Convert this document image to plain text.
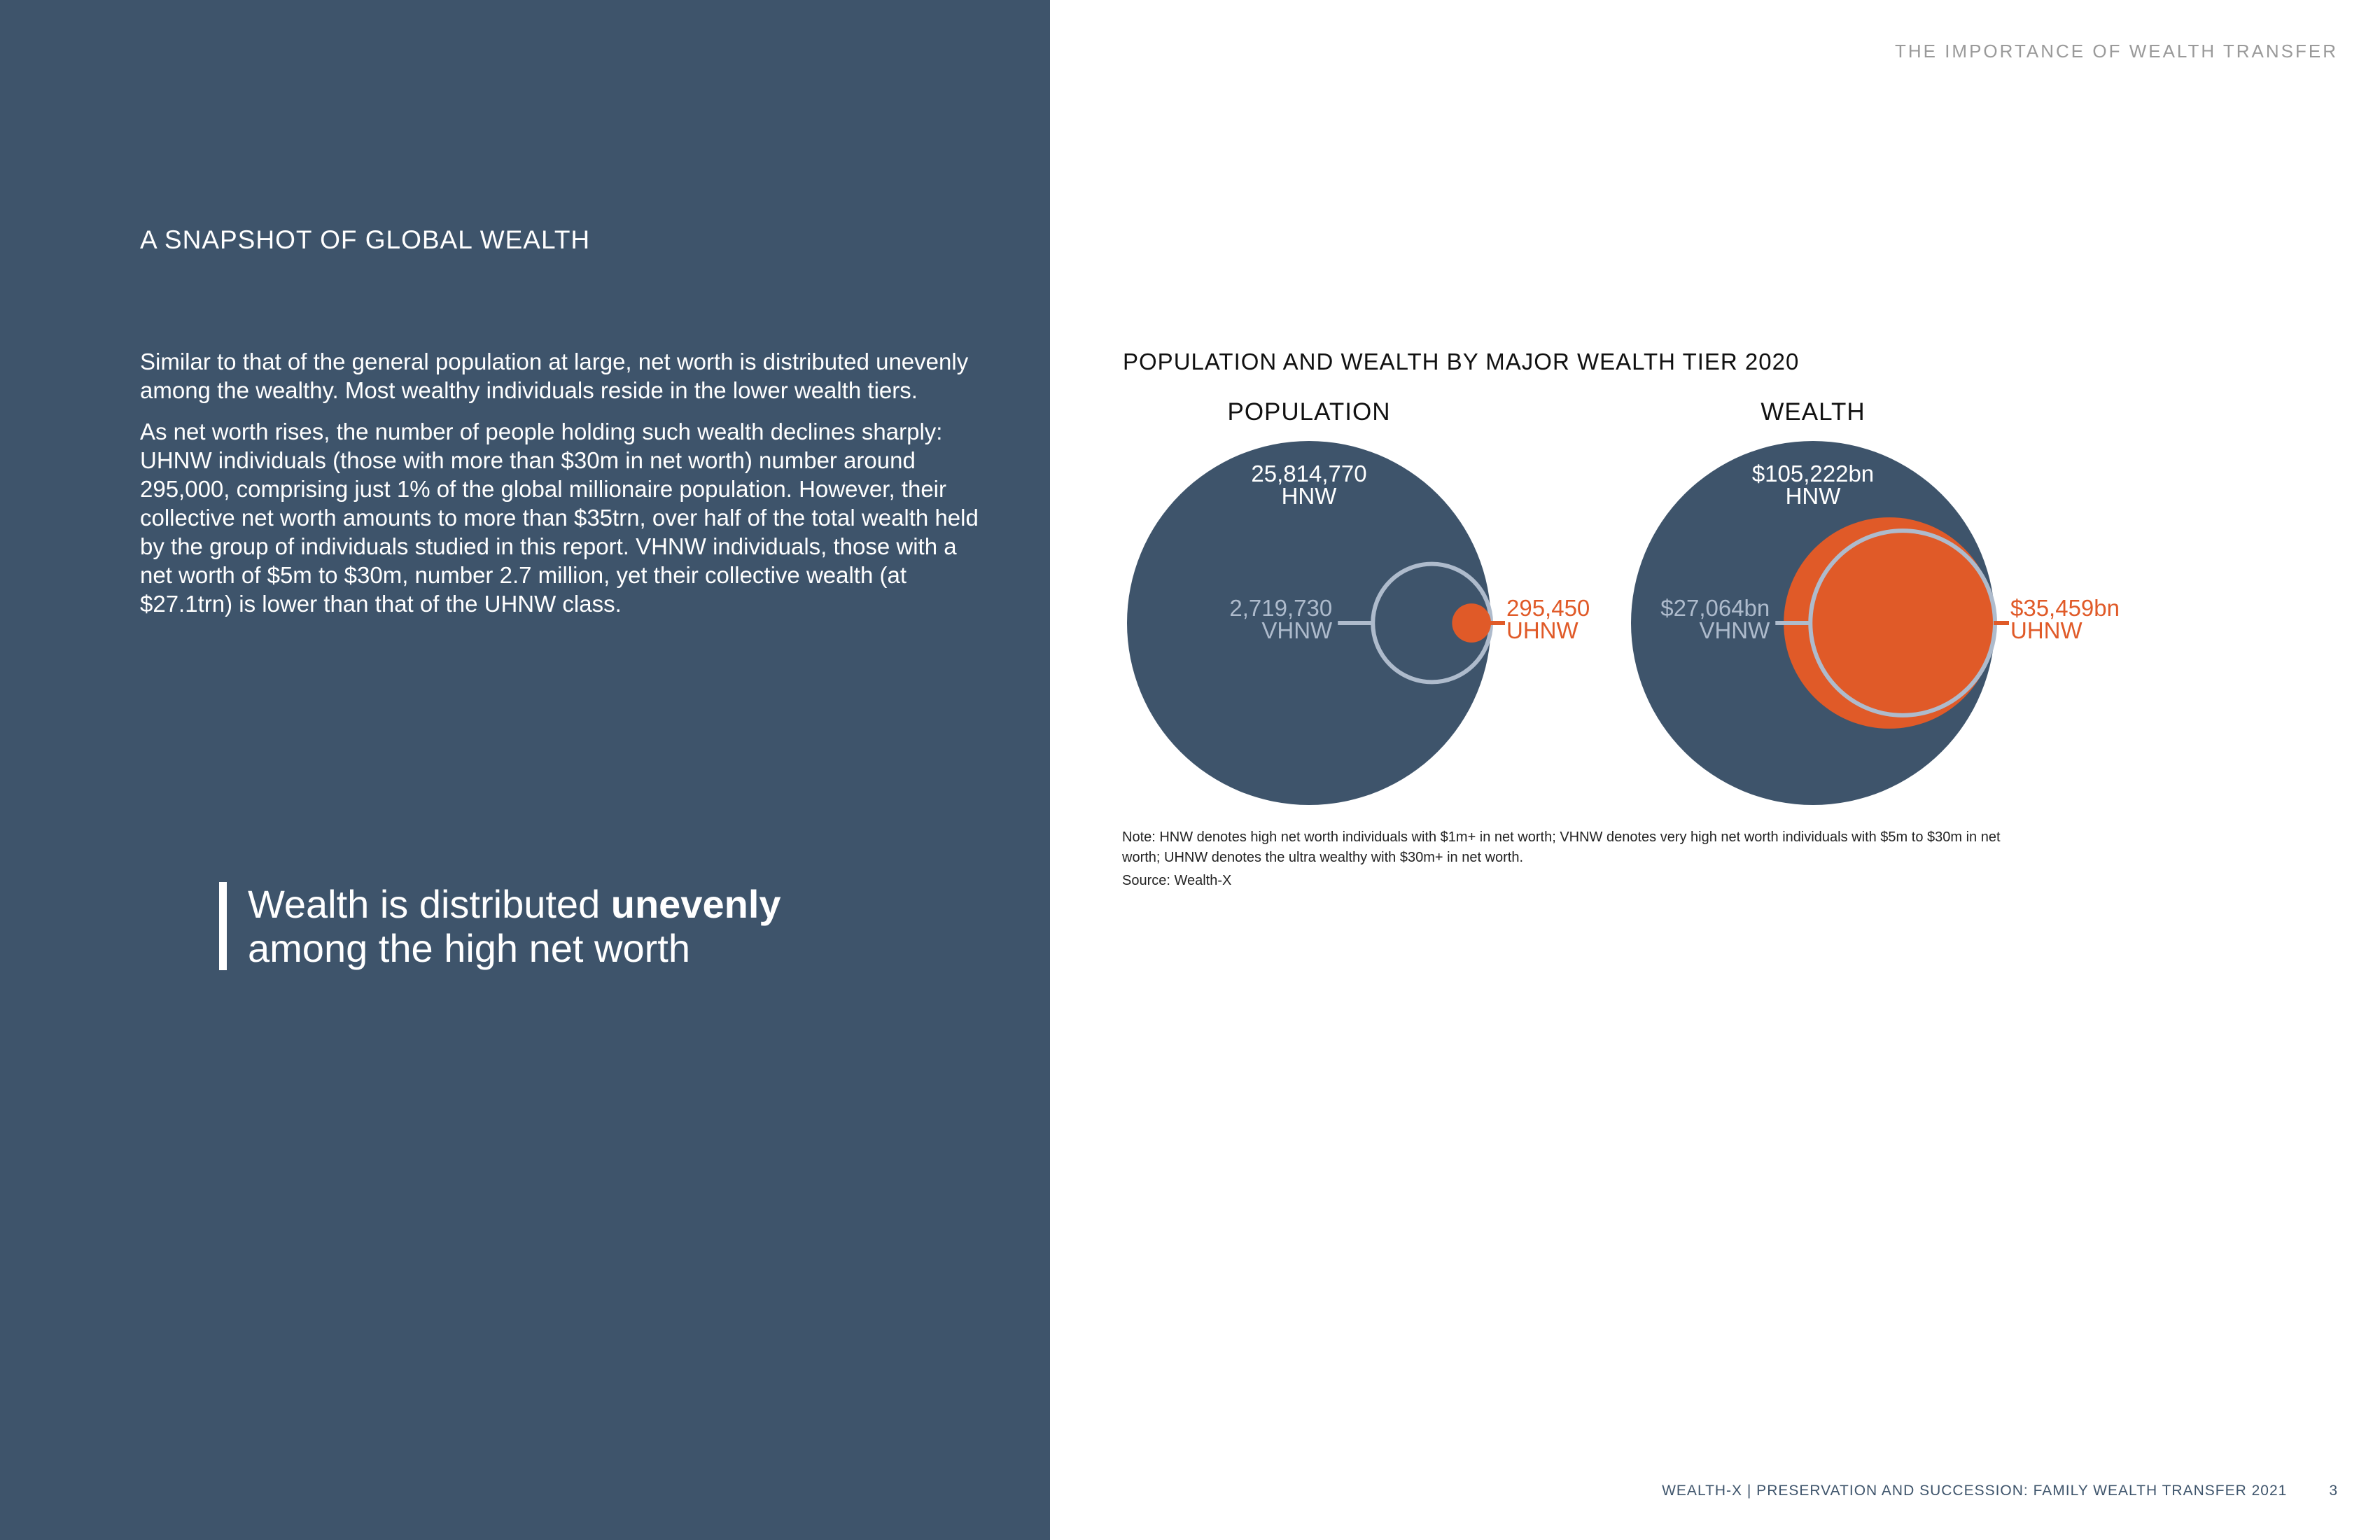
A SNAPSHOT OF GLOBAL WEALTH

Similar to that of the general population at large, net worth is distributed unevenly among the wealthy. Most wealthy individuals reside in the lower wealth tiers.

As net worth rises, the number of people holding such wealth declines sharply: UHNW individuals (those with more than $30m in net worth) number around 295,000, comprising just 1% of the global millionaire population. However, their collective net worth amounts to more than $35trn, over half of the total wealth held by the group of individuals studied in this report. VHNW individuals, those with a net worth of $5m to $30m, number 2.7 million, yet their collective wealth (at $27.1trn) is lower than that of the UHNW class.

Wealth is distributed unevenly
among the high net worth
THE IMPORTANCE OF WEALTH TRANSFER
POPULATION AND WEALTH BY MAJOR WEALTH TIER 2020
POPULATION
25,814,770
HNW
2,719,730
VHNW
295,450
UHNW
WEALTH
$105,222bn
HNW
$27,064bn
VHNW
$35,459bn
UHNW
Note: HNW denotes high net worth individuals with $1m+ in net worth; VHNW denotes very high net worth individuals with $5m to $30m in net worth; UHNW denotes the ultra wealthy with $30m+ in net worth.
Source: Wealth-X
WEALTH-X | PRESERVATION AND SUCCESSION: FAMILY WEALTH TRANSFER 2021	3
